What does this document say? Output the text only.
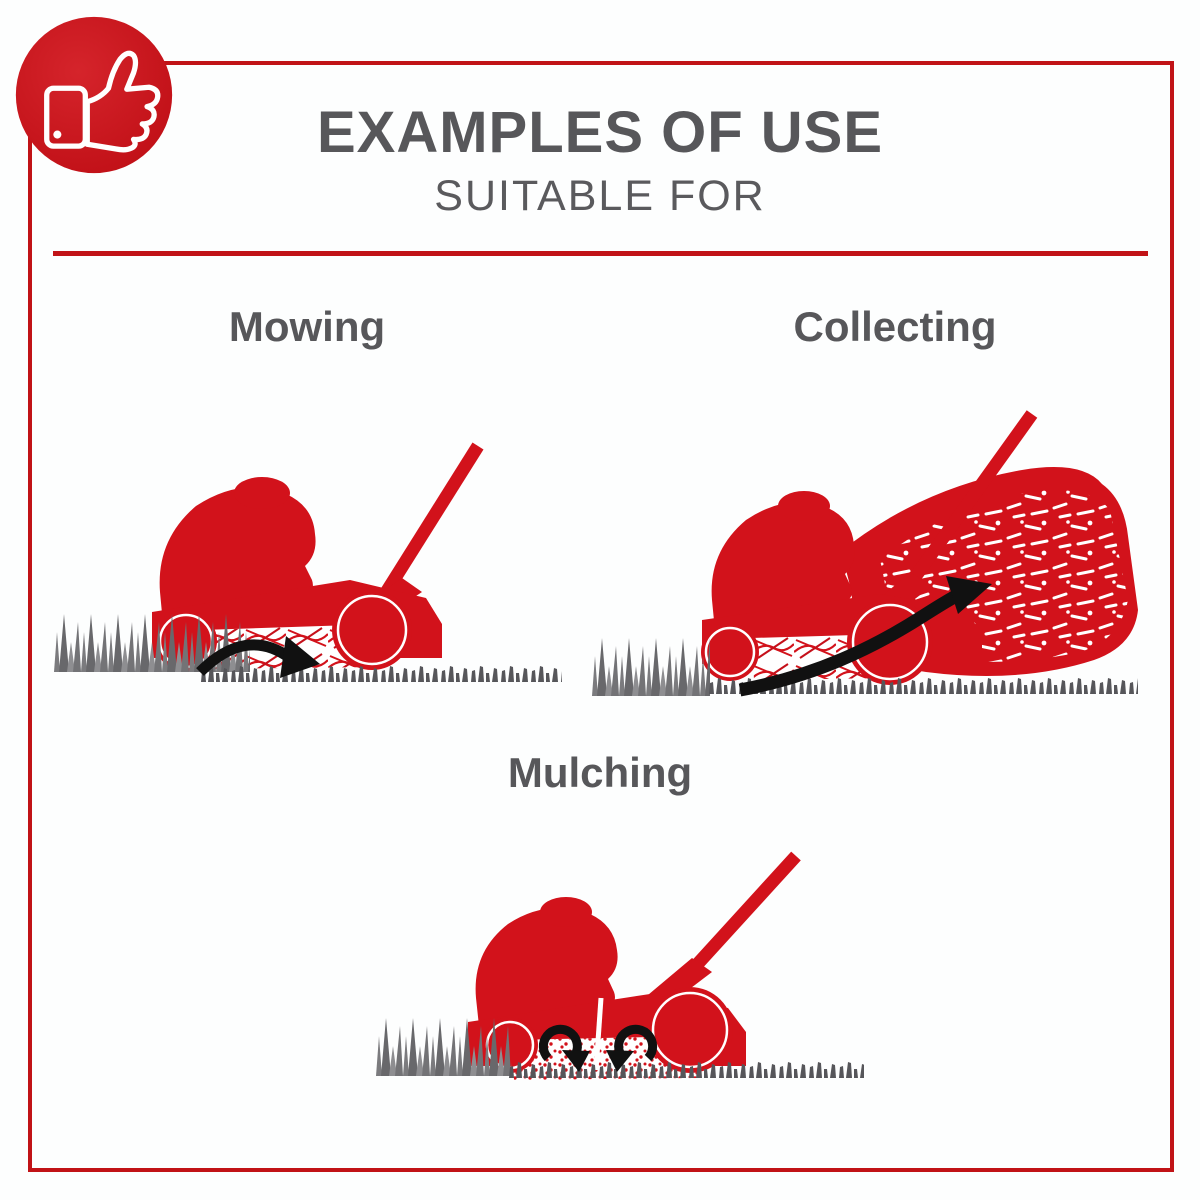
EXAMPLES OF USE
SUITABLE FOR
Mowing	Collecting
Mulching
